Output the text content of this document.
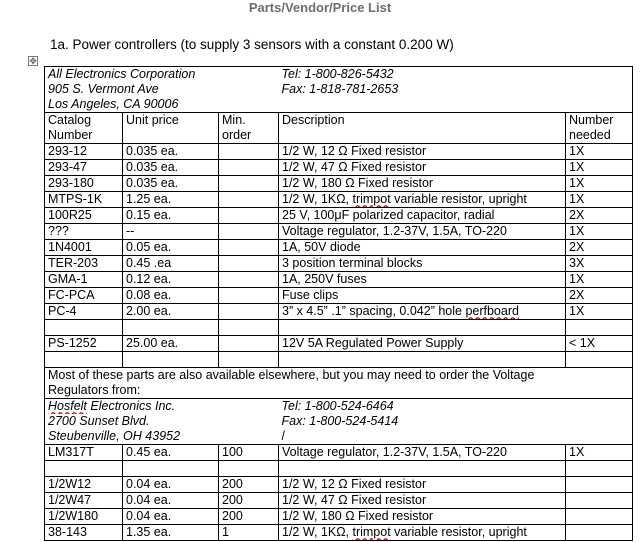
Parts/Vendor/Price List
1a. Power controllers (to supply 3 sensors with a constant 0.200 W)
✥
All Electronics Corporation			Tel: 1-800-826-5432	
905 S. Vermont Ave			Fax: 1-818-781-2653	
Los Angeles, CA 90006				
Catalog	Unit price	Min.	Description	Number
Number		order		needed
293-12	0.035 ea.		1/2 W, 12 Ω Fixed resistor	1X
293-47	0.035 ea.		1/2 W, 47 Ω Fixed resistor	1X
293-180	0.035 ea.		1/2 W, 180 Ω Fixed resistor	1X
MTPS-1K	1.25 ea.		1/2 W, 1KΩ, trimpot variable resistor, upright	1X
100R25	0.15 ea.		25 V, 100μF polarized capacitor, radial	2X
???	--		Voltage regulator, 1.2-37V, 1.5A, TO-220	1X
1N4001	0.05 ea.		1A, 50V diode	2X
TER-203	0.45 .ea		3 position terminal blocks	3X
GMA-1	0.12 ea.		1A, 250V fuses	1X
FC-PCA	0.08 ea.		Fuse clips	2X
PC-4	2.00 ea.		3” x 4.5” .1” spacing, 0.042” hole perfboard	1X

PS-1252	25.00 ea.		12V 5A Regulated Power Supply	< 1X

Most of these parts are also available elsewhere, but you may need to order the Voltage				
Regulators from:				
Hosfelt Electronics Inc.			Tel: 1-800-524-6464	
2700 Sunset Blvd.			Fax: 1-800-524-5414	
Steubenville, OH 43952			/	
LM317T	0.45 ea.	100	Voltage regulator, 1.2-37V, 1.5A, TO-220	1X

1/2W12	0.04 ea.	200	1/2 W, 12 Ω Fixed resistor	
1/2W47	0.04 ea.	200	1/2 W, 47 Ω Fixed resistor	
1/2W180	0.04 ea.	200	1/2 W, 180 Ω Fixed resistor	
38-143	1.35 ea.	1	1/2 W, 1KΩ, trimpot variable resistor, upright	
